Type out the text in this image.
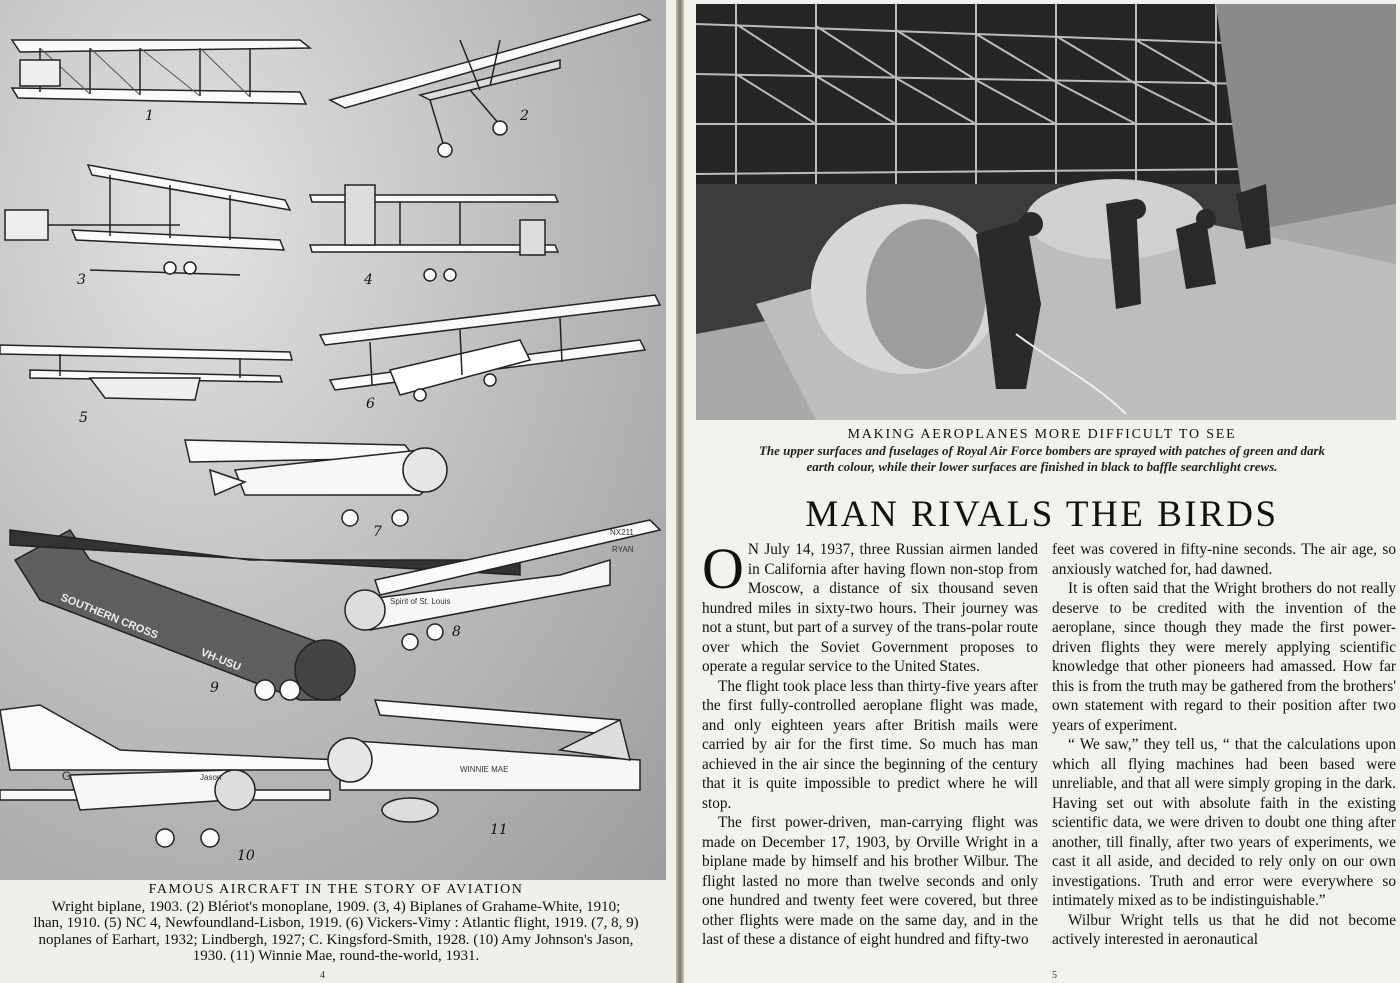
SOUTHERN CROSS
VH-USU
Spirit of St. Louis
NX211
RYAN
WINNIE MAE
Jason
G
1	2
3	4
5
6
7
8
9
10
11
FAMOUS AIRCRAFT IN THE STORY OF AVIATION
Wright biplane, 1903. (2) Blériot's monoplane, 1909. (3, 4) Biplanes of Grahame-White, 1910;
lhan, 1910. (5) NC 4, Newfoundland-Lisbon, 1919. (6) Vickers-Vimy : Atlantic flight, 1919. (7, 8, 9)
noplanes of Earhart, 1932; Lindbergh, 1927; C. Kingsford-Smith, 1928. (10) Amy Johnson's Jason,
1930. (11) Winnie Mae, round-the-world, 1931.
4
MAKING AEROPLANES MORE DIFFICULT TO SEE
The upper surfaces and fuselages of Royal Air Force bombers are sprayed with patches of green and dark
earth colour, while their lower surfaces are finished in black to baffle searchlight crews.
MAN RIVALS THE BIRDS

O N July 14, 1937, three Russian airmen landed in California after having flown non-stop from Moscow, a distance of six thousand seven hundred miles in sixty-two hours. Their journey was not a stunt, but part of a survey of the trans-polar route over which the Soviet Government proposes to operate a regular service to the United States.

The flight took place less than thirty-five years after the first fully-controlled aeroplane flight was made, and only eighteen years after British mails were carried by air for the first time. So much has man achieved in the air since the beginning of the century that it is quite impossible to predict where he will stop.

The first power-driven, man-carrying flight was made on December 17, 1903, by Orville Wright in a biplane made by himself and his brother Wilbur. The flight lasted no more than twelve seconds and only one hundred and twenty feet were covered, but three other flights were made on the same day, and in the last of these a distance of eight hundred and fifty-two

feet was covered in fifty-nine seconds. The air age, so anxiously watched for, had dawned.

It is often said that the Wright brothers do not really deserve to be credited with the invention of the aeroplane, since though they made the first power-driven flights they were merely applying scientific knowledge that other pioneers had amassed. How far this is from the truth may be gathered from the brothers' own statement with regard to their position after two years of experiment.

“ We saw,” they tell us, “ that the calculations upon which all flying machines had been based were unreliable, and that all were simply groping in the dark. Having set out with absolute faith in the existing scientific data, we were driven to doubt one thing after another, till finally, after two years of experiments, we cast it all aside, and decided to rely only on our own investigations. Truth and error were everywhere so intimately mixed as to be indistinguishable.”

Wilbur Wright tells us that he did not become actively interested in aeronautical

5
